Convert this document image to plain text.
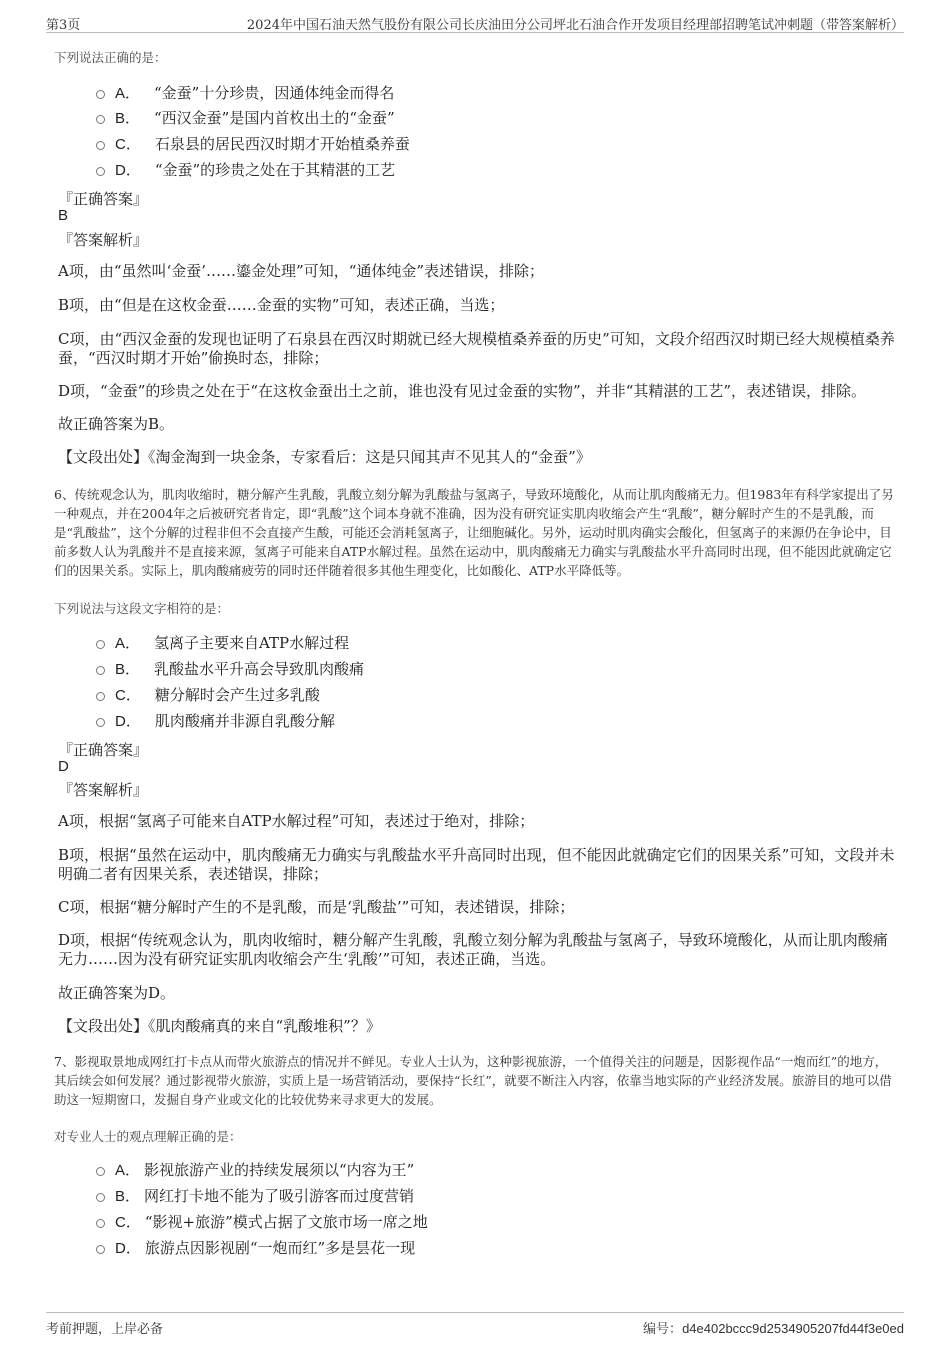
第3页	2024年中国石油天然气股份有限公司长庆油田分公司坪北石油合作开发项目经理部招聘笔试冲刺题（带答案解析）
下列说法正确的是：
A． “金蚕”十分珍贵，因通体纯金而得名
B． “西汉金蚕”是国内首枚出土的“金蚕”
C． 石泉县的居民西汉时期才开始植桑养蚕
D． “金蚕”的珍贵之处在于其精湛的工艺
『正确答案』
B
『答案解析』
A项，由“虽然叫‘金蚕’……鎏金处理”可知，“通体纯金”表述错误，排除；
B项，由“但是在这枚金蚕……金蚕的实物”可知，表述正确，当选；
C项，由“西汉金蚕的发现也证明了石泉县在西汉时期就已经大规模植桑养蚕的历史”可知，文段介绍西汉时期已经大规模植桑养蚕，“西汉时期才开始”偷换时态，排除；
D项，“金蚕”的珍贵之处在于“在这枚金蚕出土之前，谁也没有见过金蚕的实物”，并非“其精湛的工艺”，表述错误，排除。
故正确答案为B。
【文段出处】《淘金淘到一块金条，专家看后：这是只闻其声不见其人的“金蚕”》
6、传统观念认为，肌肉收缩时，糖分解产生乳酸，乳酸立刻分解为乳酸盐与氢离子，导致环境酸化，从而让肌肉酸痛无力。但1983年有科学家提出了另一种观点，并在2004年之后被研究者肯定，即“乳酸”这个词本身就不准确，因为没有研究证实肌肉收缩会产生“乳酸”，糖分解时产生的不是乳酸，而是“乳酸盐”，这个分解的过程非但不会直接产生酸，可能还会消耗氢离子，让细胞碱化。另外，运动时肌肉确实会酸化，但氢离子的来源仍在争论中，目前多数人认为乳酸并不是直接来源，氢离子可能来自ATP水解过程。虽然在运动中，肌肉酸痛无力确实与乳酸盐水平升高同时出现，但不能因此就确定它们的因果关系。实际上，肌肉酸痛疲劳的同时还伴随着很多其他生理变化，比如酸化、ATP水平降低等。
下列说法与这段文字相符的是：
A． 氢离子主要来自ATP水解过程
B． 乳酸盐水平升高会导致肌肉酸痛
C． 糖分解时会产生过多乳酸
D． 肌肉酸痛并非源自乳酸分解
『正确答案』
D
『答案解析』
A项，根据“氢离子可能来自ATP水解过程”可知，表述过于绝对，排除；
B项，根据“虽然在运动中，肌肉酸痛无力确实与乳酸盐水平升高同时出现，但不能因此就确定它们的因果关系”可知，文段并未明确二者有因果关系，表述错误，排除；
C项，根据“糖分解时产生的不是乳酸，而是‘乳酸盐’”可知，表述错误，排除；
D项，根据“传统观念认为，肌肉收缩时，糖分解产生乳酸，乳酸立刻分解为乳酸盐与氢离子，导致环境酸化，从而让肌肉酸痛无力……因为没有研究证实肌肉收缩会产生‘乳酸’”可知，表述正确，当选。
故正确答案为D。
【文段出处】《肌肉酸痛真的来自“乳酸堆积”？》
7、影视取景地成网红打卡点从而带火旅游点的情况并不鲜见。专业人士认为，这种影视旅游，一个值得关注的问题是，因影视作品“一炮而红”的地方，其后续会如何发展？通过影视带火旅游，实质上是一场营销活动，要保持“长红”，就要不断注入内容，依靠当地实际的产业经济发展。旅游目的地可以借助这一短期窗口，发掘自身产业或文化的比较优势来寻求更大的发展。
对专业人士的观点理解正确的是：
A． 影视旅游产业的持续发展须以“内容为王”
B． 网红打卡地不能为了吸引游客而过度营销
C． “影视+旅游”模式占据了文旅市场一席之地
D． 旅游点因影视剧“一炮而红”多是昙花一现
考前押题，上岸必备	编号：d4e402bccc9d2534905207fd44f3e0ed
